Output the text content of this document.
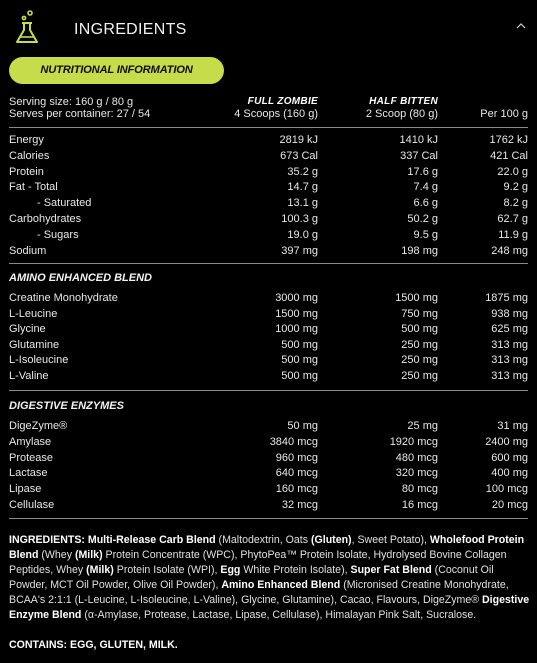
INGREDIENTS
NUTRITIONAL INFORMATION
Serving size: 160 g / 80 g	FULL ZOMBIE	HALF BITTEN
Serves per container: 27 / 54	4 Scoops (160 g)	2 Scoop (80 g)	Per 100 g
Energy	2819 kJ	1410 kJ	1762 kJ
Calories	673 Cal	337 Cal	421 Cal
Protein	35.2 g	17.6 g	22.0 g
Fat - Total	14.7 g	7.4 g	9.2 g
- Saturated	13.1 g	6.6 g	8.2 g
Carbohydrates	100.3 g	50.2 g	62.7 g
- Sugars	19.0 g	9.5 g	11.9 g
Sodium	397 mg	198 mg	248 mg
AMINO ENHANCED BLEND
Creatine Monohydrate	3000 mg	1500 mg	1875 mg
L-Leucine	1500 mg	750 mg	938 mg
Glycine	1000 mg	500 mg	625 mg
Glutamine	500 mg	250 mg	313 mg
L-Isoleucine	500 mg	250 mg	313 mg
L-Valine	500 mg	250 mg	313 mg
DIGESTIVE ENZYMES
DigeZyme®	50 mg	25 mg	31 mg
Amylase	3840 mcg	1920 mcg	2400 mg
Protease	960 mcg	480 mcg	600 mg
Lactase	640 mcg	320 mcg	400 mg
Lipase	160 mcg	80 mcg	100 mcg
Cellulase	32 mcg	16 mcg	20 mcg
INGREDIENTS: Multi-Release Carb Blend (Maltodextrin, Oats (Gluten), Sweet Potato), Wholefood Protein Blend (Whey (Milk) Protein Concentrate (WPC), PhytoPea™ Protein Isolate, Hydrolysed Bovine Collagen Peptides, Whey (Milk) Protein Isolate (WPI), Egg White Protein Isolate), Super Fat Blend (Coconut Oil Powder, MCT Oil Powder, Olive Oil Powder), Amino Enhanced Blend (Micronised Creatine Monohydrate, BCAA's 2:1:1 (L-Leucine, L-Isoleucine, L-Valine), Glycine, Glutamine), Cacao, Flavours, DigeZyme® Digestive Enzyme Blend (α-Amylase, Protease, Lactase, Lipase, Cellulase), Himalayan Pink Salt, Sucralose.
CONTAINS: EGG, GLUTEN, MILK.
